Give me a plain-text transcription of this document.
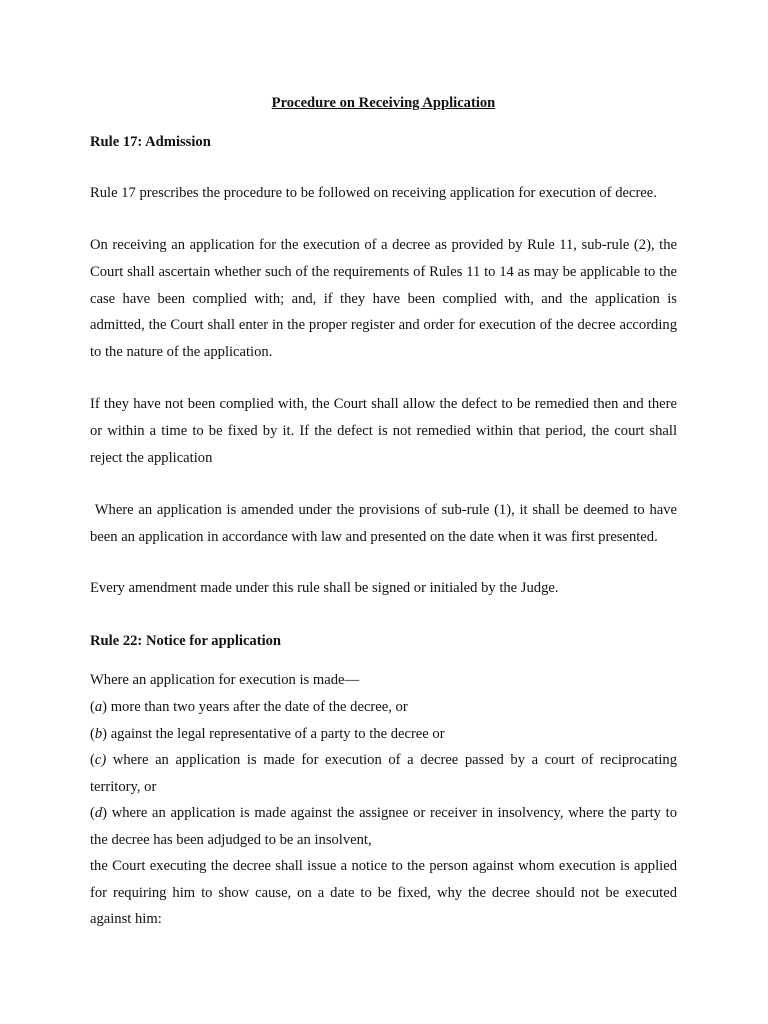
Procedure on Receiving Application
Rule 17: Admission

Rule 17 prescribes the procedure to be followed on receiving application for execution of decree.

On receiving an application for the execution of a decree as provided by Rule 11, sub-rule (2), the Court shall ascertain whether such of the requirements of Rules 11 to 14 as may be applicable to the case have been complied with; and, if they have been complied with, and the application is admitted, the Court shall enter in the proper register and order for execution of the decree according to the nature of the application.

If they have not been complied with, the Court shall allow the defect to be remedied then and there or within a time to be fixed by it. If the defect is not remedied within that period, the court shall reject the application

Where an application is amended under the provisions of sub-rule (1), it shall be deemed to have been an application in accordance with law and presented on the date when it was first presented.

Every amendment made under this rule shall be signed or initialed by the Judge.

Rule 22: Notice for application
Where an application for execution is made—
(a) more than two years after the date of the decree, or
(b) against the legal representative of a party to the decree or

(c) where an application is made for execution of a decree passed by a court of reciprocating territory, or

(d) where an application is made against the assignee or receiver in insolvency, where the party to the decree has been adjudged to be an insolvent,

the Court executing the decree shall issue a notice to the person against whom execution is applied for requiring him to show cause, on a date to be fixed, why the decree should not be executed against him:
